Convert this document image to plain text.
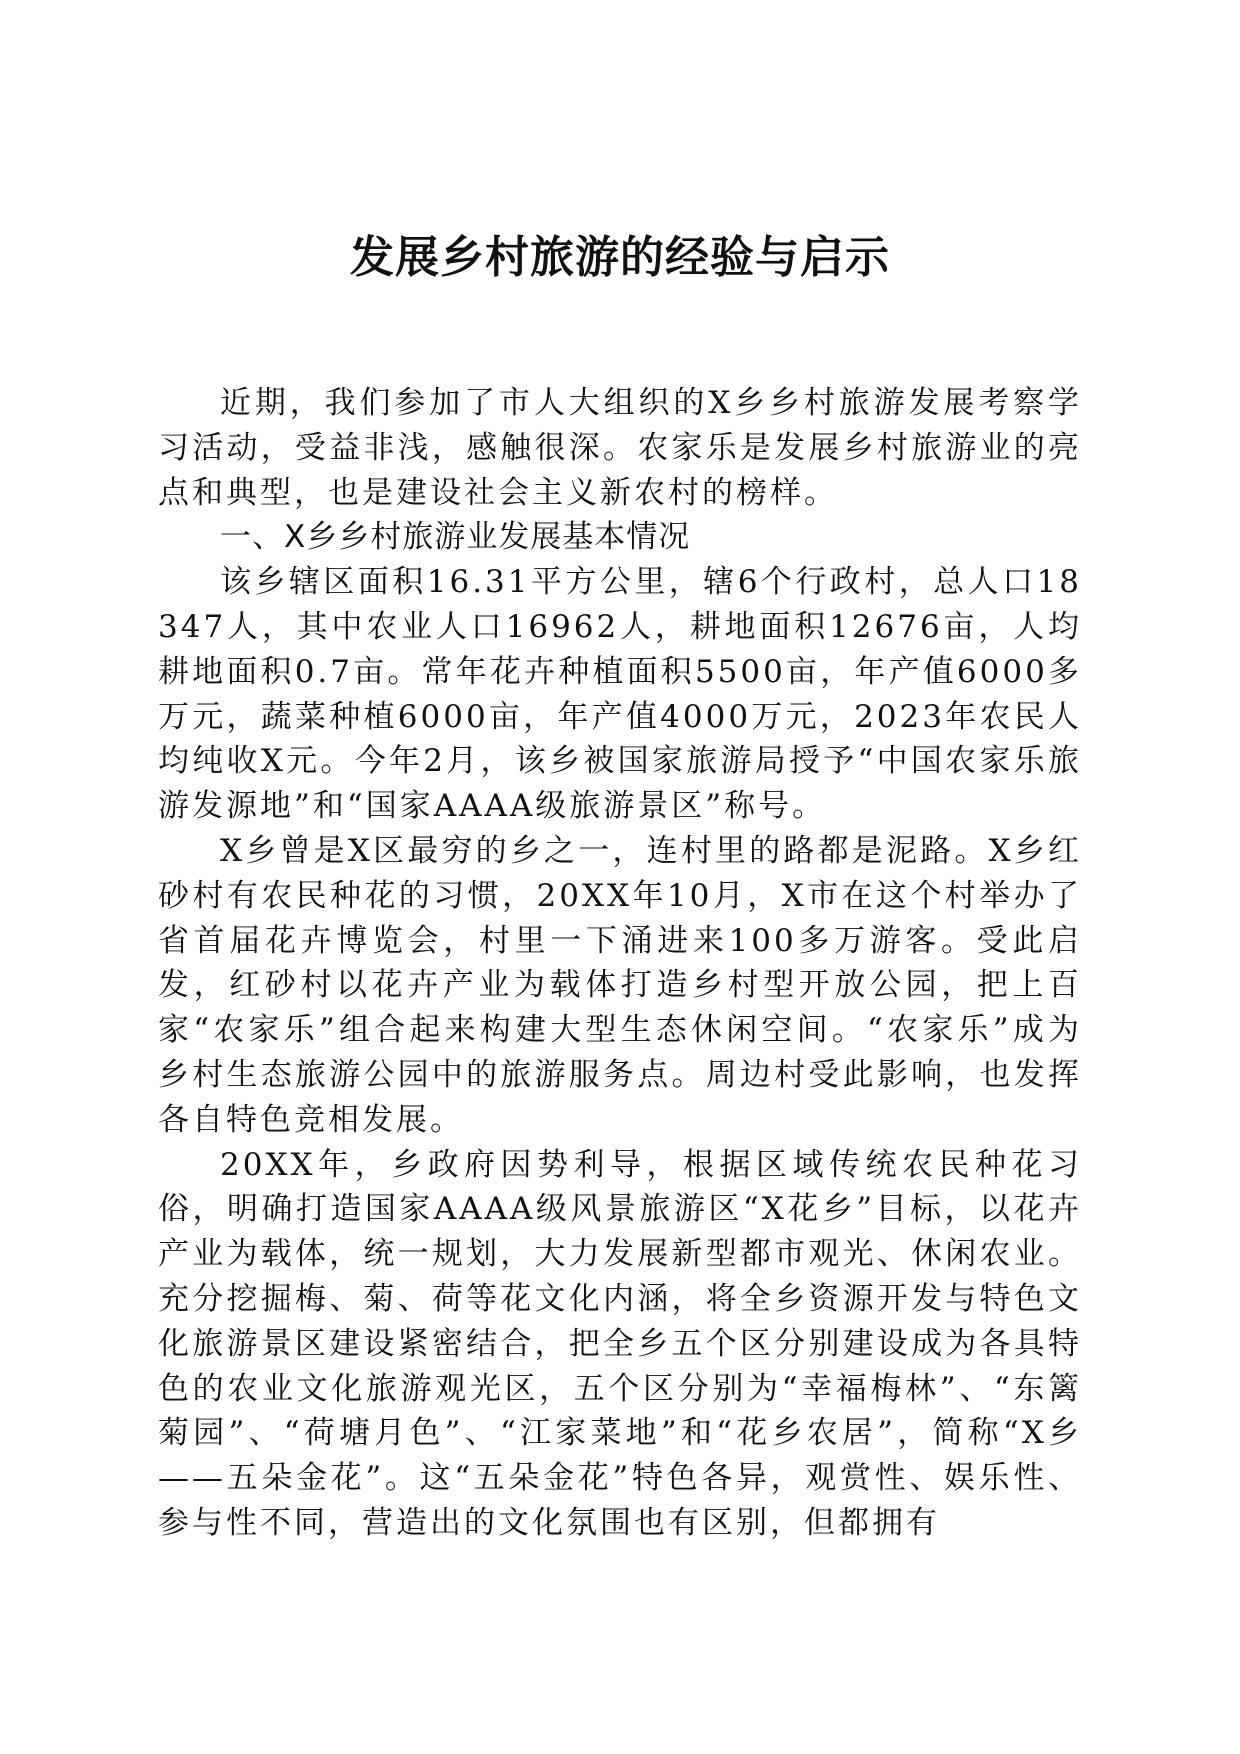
发展乡村旅游的经验与启示

近期，我们参加了市人大组织的X乡乡村旅游发展考察学习活动，受益非浅，感触很深。农家乐是发展乡村旅游业的亮点和典型，也是建设社会主义新农村的榜样。

一、X乡乡村旅游业发展基本情况

该乡辖区面积16.31平方公里，辖6个行政村，总人口18347人，其中农业人口16962人，耕地面积12676亩，人均耕地面积0.7亩。常年花卉种植面积5500亩，年产值6000多万元，蔬菜种植6000亩，年产值4000万元，2023年农民人均纯收X元。今年2月，该乡被国家旅游局授予“中国农家乐旅游发源地”和“国家AAAA级旅游景区”称号。

X乡曾是X区最穷的乡之一，连村里的路都是泥路。X乡红砂村有农民种花的习惯，20XX年10月，X市在这个村举办了省首届花卉博览会，村里一下涌进来100多万游客。受此启发，红砂村以花卉产业为载体打造乡村型开放公园，把上百家“农家乐”组合起来构建大型生态休闲空间。“农家乐”成为乡村生态旅游公园中的旅游服务点。周边村受此影响，也发挥各自特色竞相发展。

20XX年，乡政府因势利导，根据区域传统农民种花习俗，明确打造国家AAAA级风景旅游区“X花乡”目标，以花卉产业为载体，统一规划，大力发展新型都市观光、休闲农业。充分挖掘梅、菊、荷等花文化内涵，将全乡资源开发与特色文化旅游景区建设紧密结合，把全乡五个区分别建设成为各具特色的农业文化旅游观光区，五个区分别为“幸福梅林”、“东篱菊园”、“荷塘月色”、“江家菜地”和“花乡农居”，简称“X乡——五朵金花”。这“五朵金花”特色各异，观赏性、娱乐性、参与性不同，营造出的文化氛围也有区别，但都拥有
